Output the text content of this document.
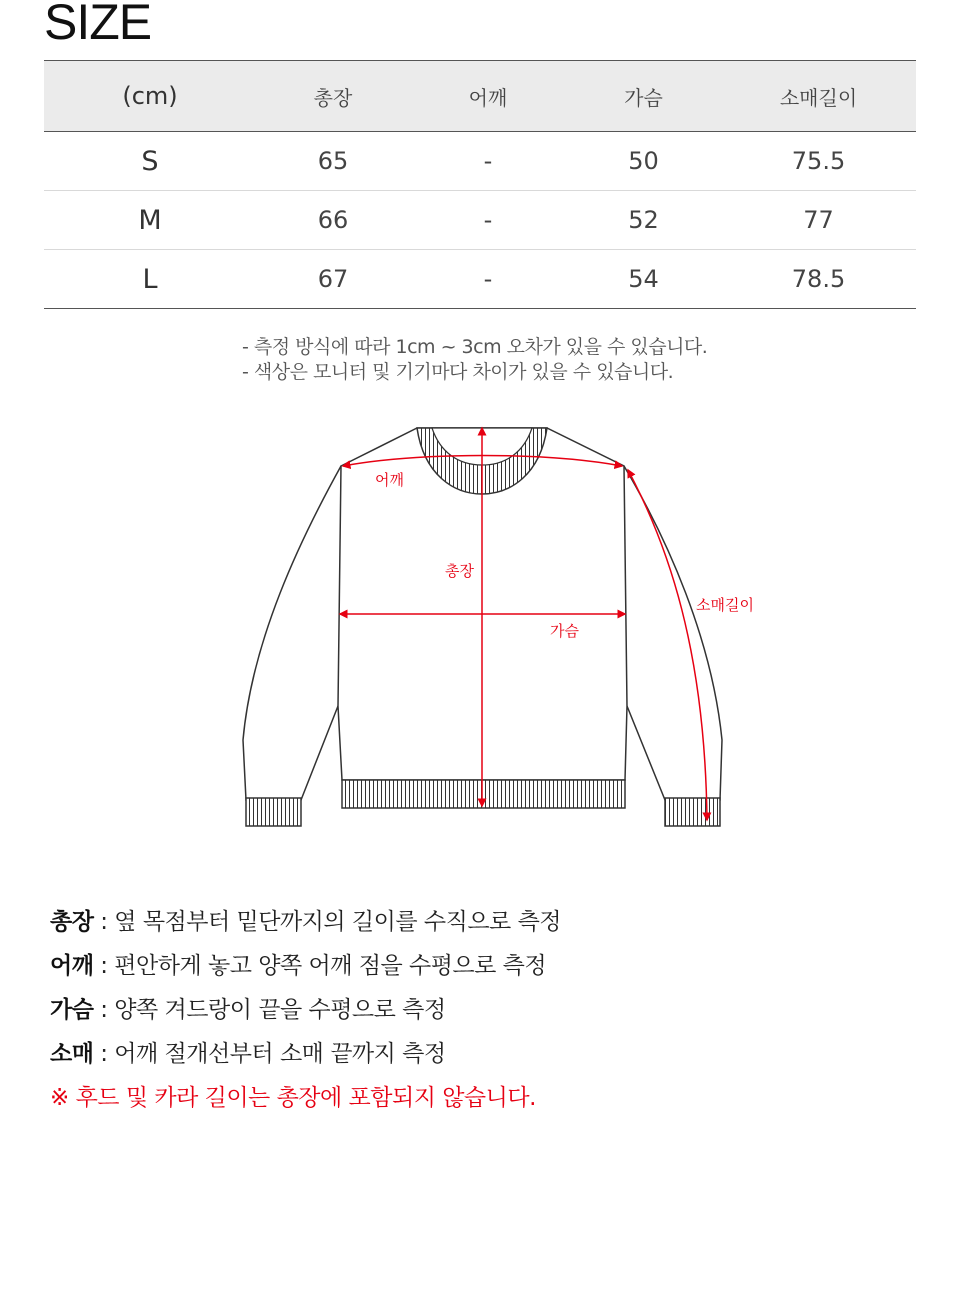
SIZE
(cm)	총장	어깨	가슴	소매길이
S	65	-	50	75.5
M	66	-	52	77
L	67	-	54	78.5
- 측정 방식에 따라 1cm ~ 3cm 오차가 있을 수 있습니다.
- 색상은 모니터 및 기기마다 차이가 있을 수 있습니다.
어깨
총장
가슴
소매길이
총장 : 옆 목점부터 밑단까지의 길이를 수직으로 측정
어깨 : 편안하게 놓고 양쪽 어깨 점을 수평으로 측정
가슴 : 양쪽 겨드랑이 끝을 수평으로 측정
소매 : 어깨 절개선부터 소매 끝까지 측정
※ 후드 및 카라 길이는 총장에 포함되지 않습니다.
